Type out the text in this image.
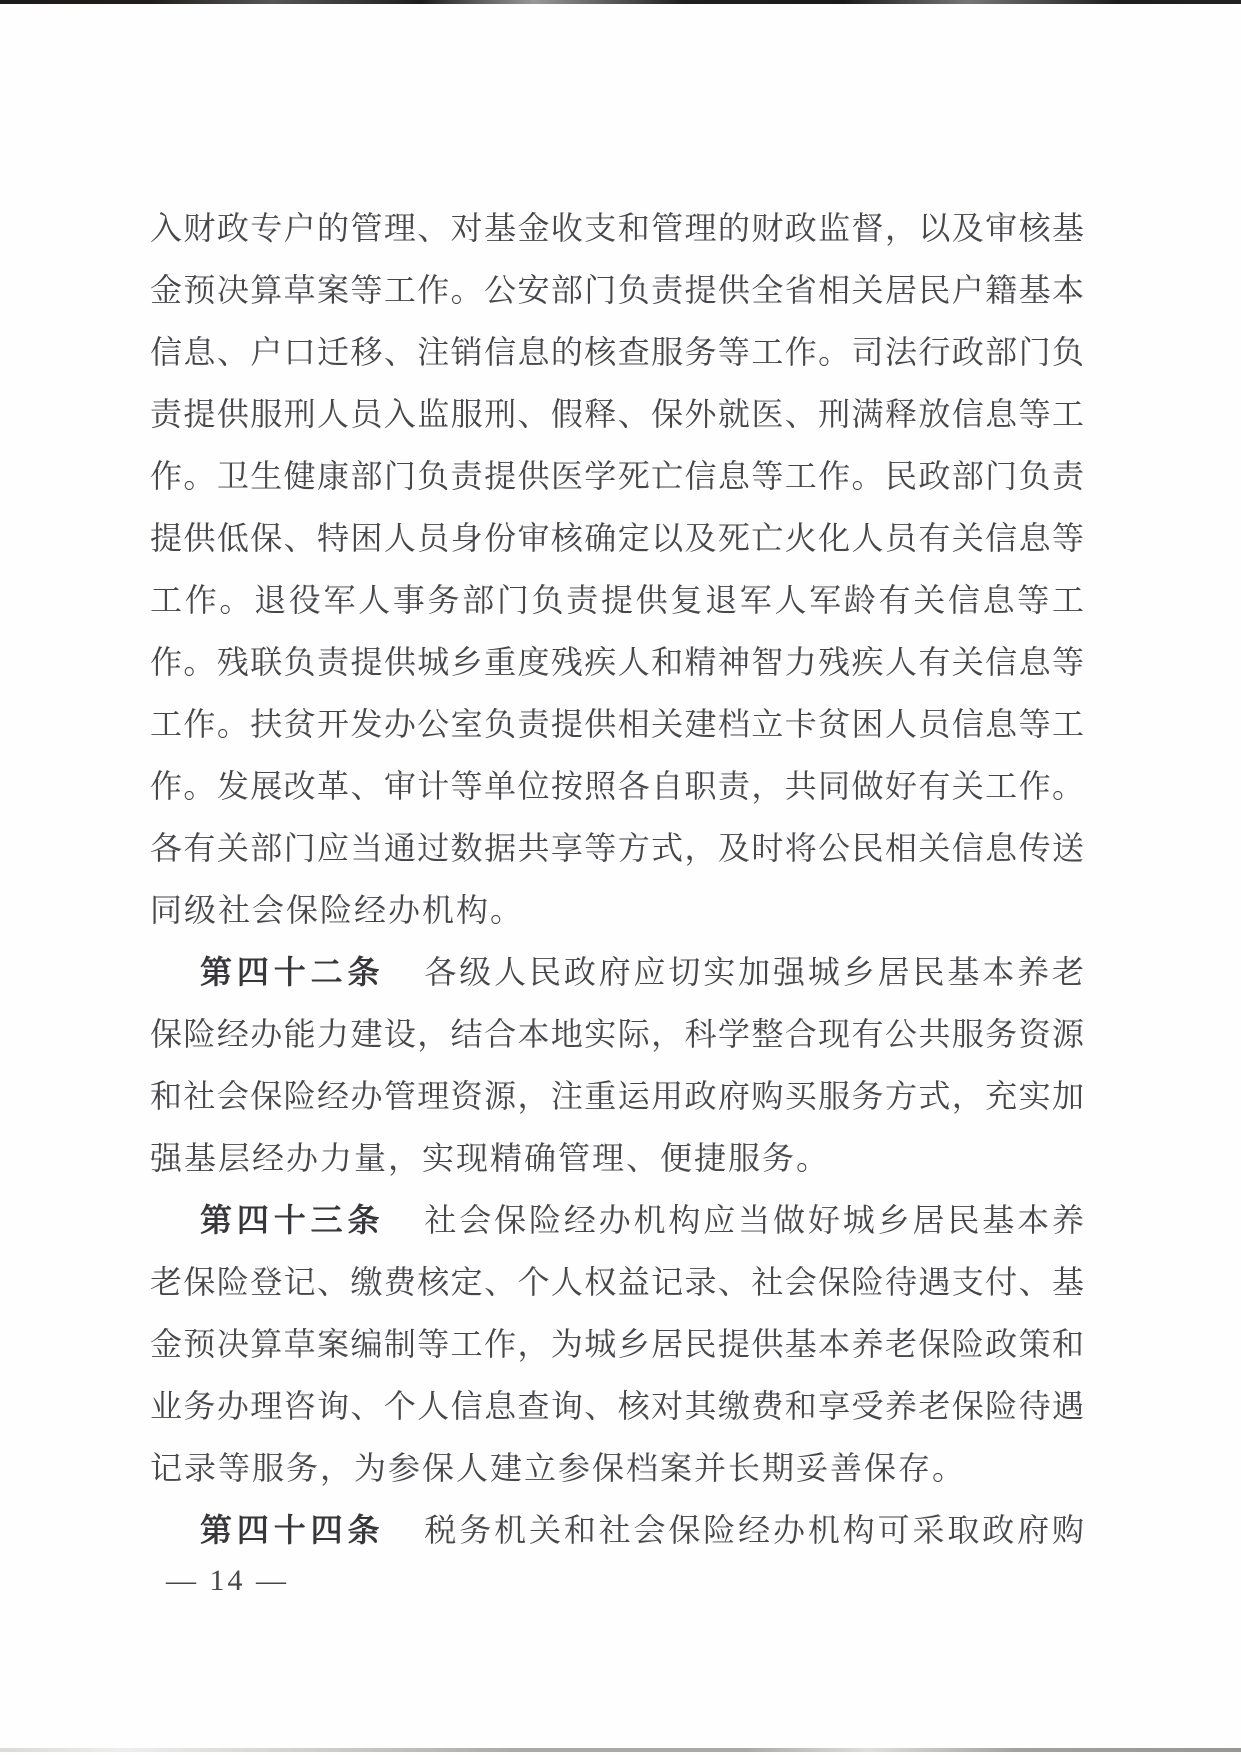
入财政专户的管理、对基金收支和管理的财政监督，以及审核基
金预决算草案等工作。公安部门负责提供全省相关居民户籍基本
信息、户口迁移、注销信息的核查服务等工作。司法行政部门负
责提供服刑人员入监服刑、假释、保外就医、刑满释放信息等工
作。卫生健康部门负责提供医学死亡信息等工作。民政部门负责
提供低保、特困人员身份审核确定以及死亡火化人员有关信息等
工作。退役军人事务部门负责提供复退军人军龄有关信息等工
作。残联负责提供城乡重度残疾人和精神智力残疾人有关信息等
工作。扶贫开发办公室负责提供相关建档立卡贫困人员信息等工
作。发展改革、审计等单位按照各自职责，共同做好有关工作。
各有关部门应当通过数据共享等方式，及时将公民相关信息传送
同级社会保险经办机构。
第四十二条 各级人民政府应切实加强城乡居民基本养老
保险经办能力建设，结合本地实际，科学整合现有公共服务资源
和社会保险经办管理资源，注重运用政府购买服务方式，充实加
强基层经办力量，实现精确管理、便捷服务。
第四十三条 社会保险经办机构应当做好城乡居民基本养
老保险登记、缴费核定、个人权益记录、社会保险待遇支付、基
金预决算草案编制等工作，为城乡居民提供基本养老保险政策和
业务办理咨询、个人信息查询、核对其缴费和享受养老保险待遇
记录等服务，为参保人建立参保档案并长期妥善保存。
第四十四条 税务机关和社会保险经办机构可采取政府购
— 14 —
